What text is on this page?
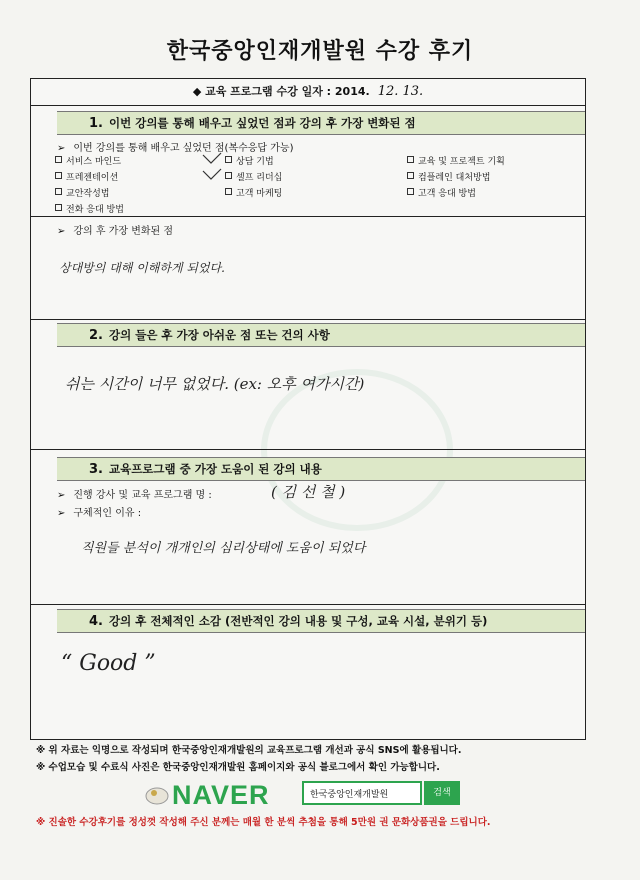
한국중앙인재개발원 수강 후기
◆ 교육 프로그램 수강 일자 : 2014. 12. 13.
1. 이번 강의를 통해 배우고 싶었던 점과 강의 후 가장 변화된 점
➢ 이번 강의를 통해 배우고 싶었던 점(복수응답 가능)
서비스 마인드	상담 기법	교육 및 프로젝트 기획
프레젠테이션	셀프 리더십	컴플레인 대처방법
교안작성법	고객 마케팅	고객 응대 방법
전화 응대 방법
➢ 강의 후 가장 변화된 점
상대방의 대해 이해하게 되었다.
2. 강의 들은 후 가장 아쉬운 점 또는 건의 사항
쉬는 시간이 너무 없었다. (ex: 오후 여가시간)
3. 교육프로그램 중 가장 도움이 된 강의 내용
➢ 진행 강사 및 교육 프로그램 명 :	( 김 선 철 )
➢ 구체적인 이유 :
직원들 분석이 개개인의 심리상태에 도움이 되었다
4. 강의 후 전체적인 소감 (전반적인 강의 내용 및 구성, 교육 시설, 분위기 등)
“ Good ”
※ 위 자료는 익명으로 작성되며 한국중앙인재개발원의 교육프로그램 개선과 공식 SNS에 활용됩니다.
※ 수업모습 및 수료식 사진은 한국중앙인재개발원 홈페이지와 공식 블로그에서 확인 가능합니다.
NAVER	한국중앙인재개발원	검색
※ 진솔한 수강후기를 정성껏 작성해 주신 분께는 매월 한 분씩 추첨을 통해 5만원 권 문화상품권을 드립니다.
